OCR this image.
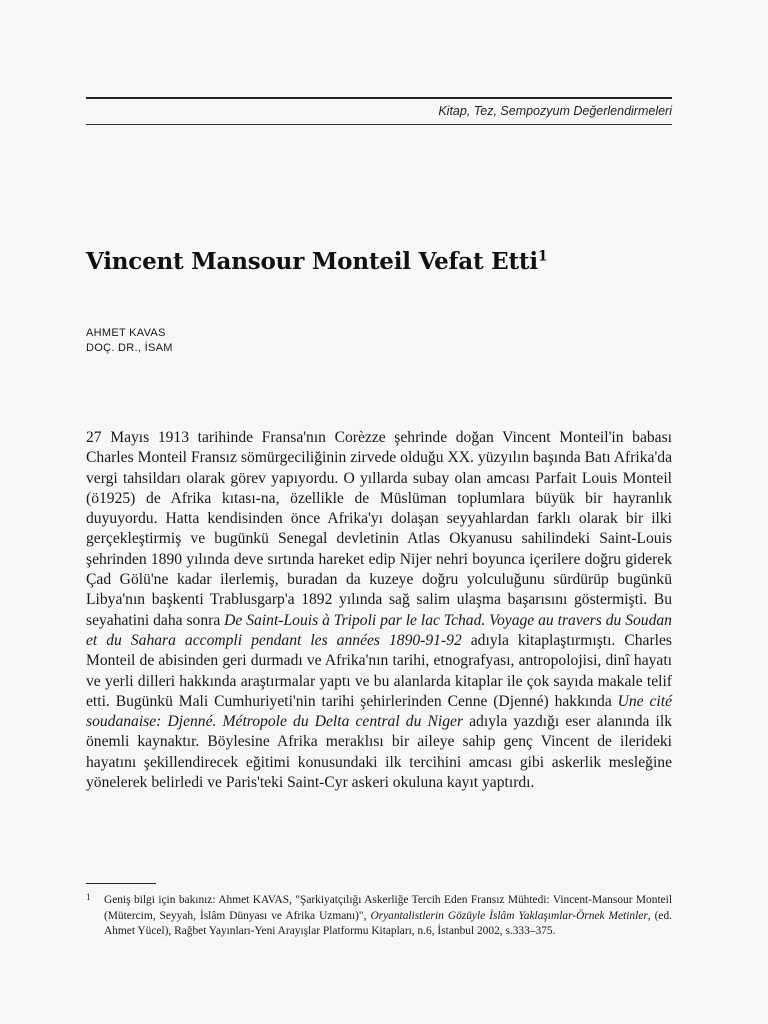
Kitap, Tez, Sempozyum Değerlendirmeleri
Vincent Mansour Monteil Vefat Etti$^1$
AHMET KAVAS
DOÇ. DR., İSAM

27 Mayıs 1913 tarihinde Fransa'nın Corèzze şehrinde doğan Vincent Monteil'in babası Charles Monteil Fransız sömürgeciliğinin zirvede olduğu XX. yüzyılın başında Batı Afrika'da vergi tahsildarı olarak görev yapıyordu. O yıllarda subay olan amcası Parfait Louis Monteil (ö1925) de Afrika kıtası-na, özellikle de Müslüman toplumlara büyük bir hayranlık duyuyordu. Hatta kendisinden önce Afrika'yı dolaşan seyyahlardan farklı olarak bir ilki gerçekleştirmiş ve bugünkü Senegal devletinin Atlas Okyanusu sahilindeki Saint-Louis şehrinden 1890 yılında deve sırtında hareket edip Nijer nehri boyunca içerilere doğru giderek Çad Gölü'ne kadar ilerlemiş, buradan da kuzeye doğru yolculuğunu sürdürüp bugünkü Libya'nın başkenti Trablusgarp'a 1892 yılında sağ salim ulaşma başarısını göstermişti. Bu seyahatini daha sonra De Saint-Louis à Tripoli par le lac Tchad. Voyage au travers du Soudan et du Sahara accompli pendant les années 1890-91-92 adıyla kitaplaştırmıştı. Charles Monteil de abisinden geri durmadı ve Afrika'nın tarihi, etnografyası, antropolojisi, dinî hayatı ve yerli dilleri hakkında araştırmalar yaptı ve bu alanlarda kitaplar ile çok sayıda makale telif etti. Bugünkü Mali Cumhuriyeti'nin tarihi şehirlerinden Cenne (Djenné) hakkında Une cité soudanaise: Djenné. Métropole du Delta central du Niger adıyla yazdığı eser alanında ilk önemli kaynaktır. Böylesine Afrika meraklısı bir aileye sahip genç Vincent de ilerideki hayatını şekillendirecek eğitimi konusundaki ilk tercihini amcası gibi askerlik mesleğine yönelerek belirledi ve Paris'teki Saint-Cyr askeri okuluna kayıt yaptırdı.

1 Geniş bilgi için bakınız: Ahmet KAVAS, "Şarkiyatçılığı Askerliğe Tercih Eden Fransız Mühtedi: Vincent-Mansour Monteil (Mütercim, Seyyah, İslâm Dünyası ve Afrika Uzmanı)", Oryantalistlerin Gözüyle İslâm Yaklaşımlar-Örnek Metinler, (ed. Ahmet Yücel), Rağbet Yayınları-Yeni Arayışlar Platformu Kitapları, n.6, İstanbul 2002, s.333–375.
